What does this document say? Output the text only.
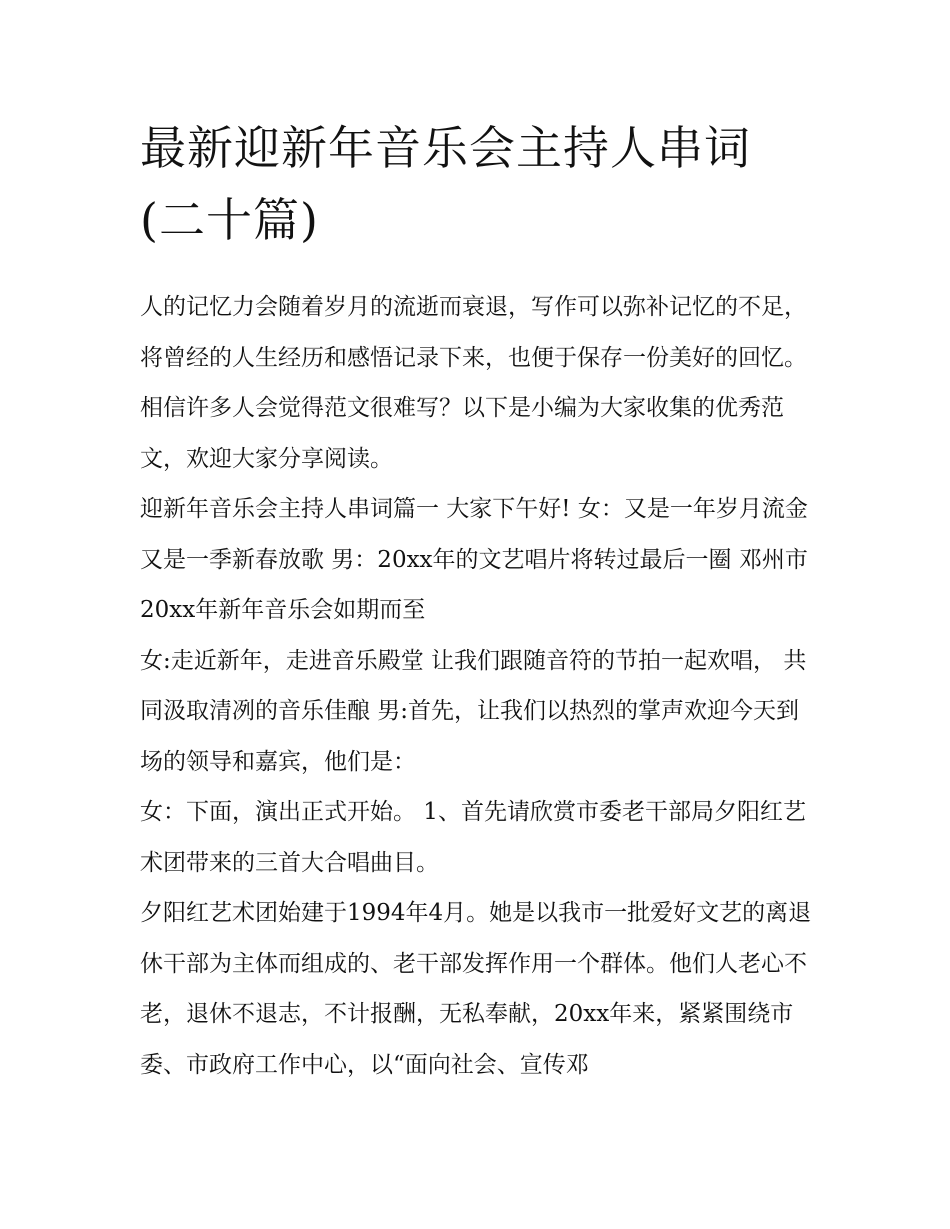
最新迎新年音乐会主持人串词(二十篇)

人的记忆力会随着岁月的流逝而衰退，写作可以弥补记忆的不足，将曾经的人生经历和感悟记录下来，也便于保存一份美好的回忆。相信许多人会觉得范文很难写？以下是小编为大家收集的优秀范文，欢迎大家分享阅读。

迎新年音乐会主持人串词篇一 大家下午好! 女：又是一年岁月流金 又是一季新春放歌 男：20xx年的文艺唱片将转过最后一圈 邓州市20xx年新年音乐会如期而至

女:走近新年，走进音乐殿堂 让我们跟随音符的节拍一起欢唱， 共同汲取清冽的音乐佳酿 男:首先，让我们以热烈的掌声欢迎今天到场的领导和嘉宾，他们是：

女：下面，演出正式开始。 1、首先请欣赏市委老干部局夕阳红艺术团带来的三首大合唱曲目。

夕阳红艺术团始建于1994年4月。她是以我市一批爱好文艺的离退休干部为主体而组成的、老干部发挥作用一个群体。他们人老心不老，退休不退志，不计报酬，无私奉献，20xx年来，紧紧围绕市委、市政府工作中心，以“面向社会、宣传邓
